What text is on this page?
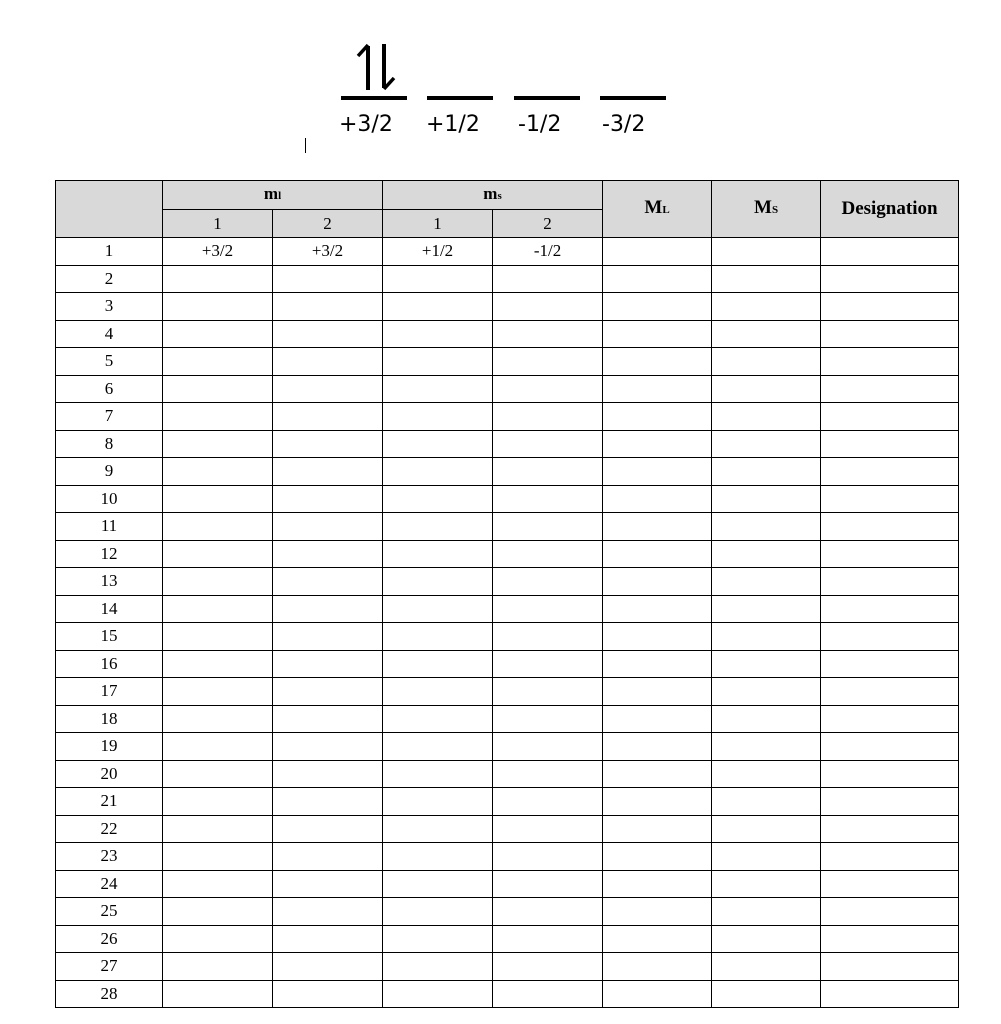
+3/2 +1/2 -1/2 -3/2
	ml		ms		ML	MS	Designation
	1	2	1	2			
1	+3/2	+3/2	+1/2	-1/2			
2							
3							
4							
5							
6							
7							
8							
9							
10							
11							
12							
13							
14							
15							
16							
17							
18							
19							
20							
21							
22							
23							
24							
25							
26							
27							
28							
